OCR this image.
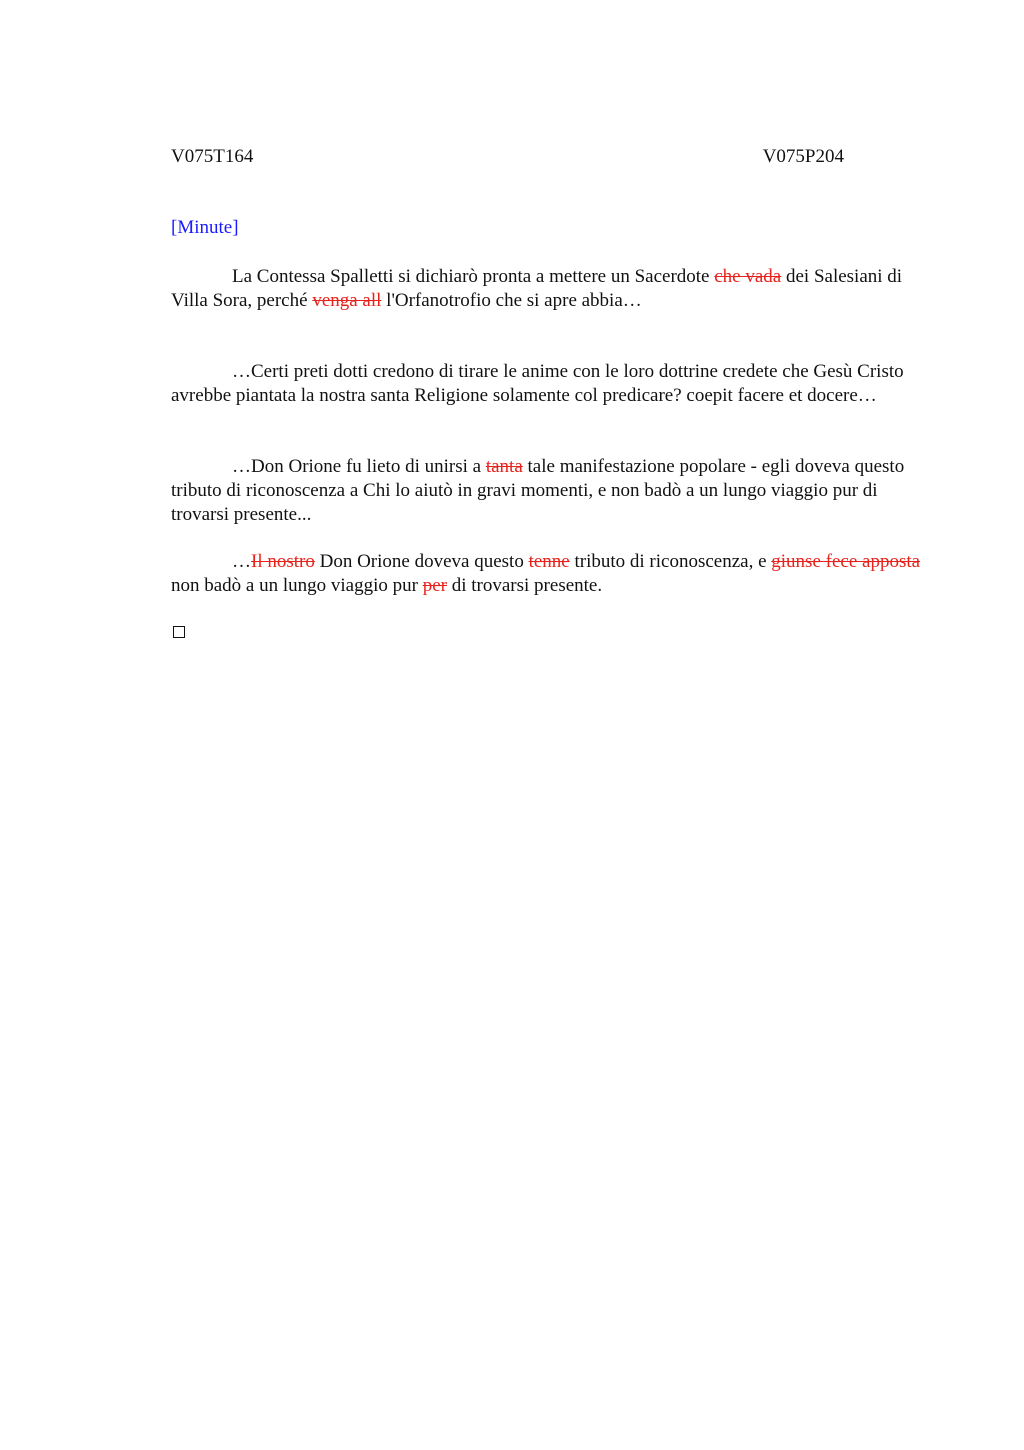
V075T164	V075P204
[Minute]

La Contessa Spalletti si dichiarò pronta a mettere un Sacerdote che vada dei Salesiani di Villa Sora, perché venga all l'Orfanotrofio che si apre abbia…

…Certi preti dotti credono di tirare le anime con le loro dottrine credete che Gesù Cristo avrebbe piantata la nostra santa Religione solamente col predicare? coepit facere et docere…

…Don Orione fu lieto di unirsi a tanta tale manifestazione popolare - egli doveva questo tributo di riconoscenza a Chi lo aiutò in gravi momenti, e non badò a un lungo viaggio pur di trovarsi presente...

…Il nostro Don Orione doveva questo tenne tributo di riconoscenza, e giunse fece apposta non badò a un lungo viaggio pur per di trovarsi presente.
